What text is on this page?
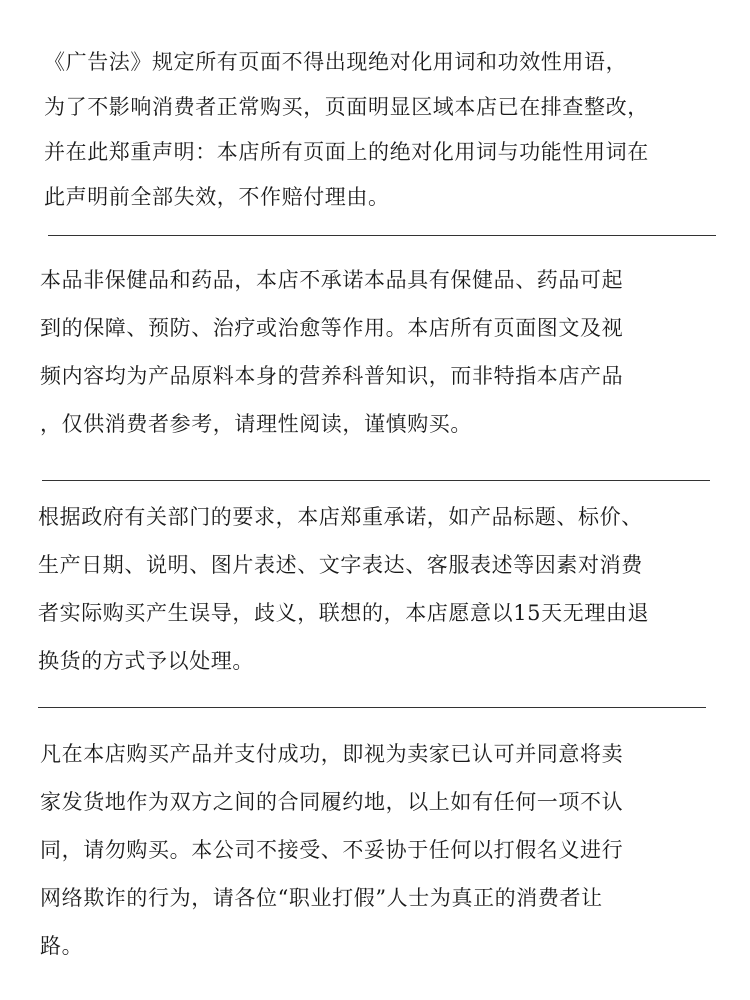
《广告法》规定所有页面不得出现绝对化用词和功效性用语，
为了不影响消费者正常购买，页面明显区域本店已在排查整改，
并在此郑重声明：本店所有页面上的绝对化用词与功能性用词在
此声明前全部失效，不作赔付理由。
本品非保健品和药品，本店不承诺本品具有保健品、药品可起
到的保障、预防、治疗或治愈等作用。本店所有页面图文及视
频内容均为产品原料本身的营养科普知识，而非特指本店产品
，仅供消费者参考，请理性阅读，谨慎购买。
根据政府有关部门的要求，本店郑重承诺，如产品标题、标价、
生产日期、说明、图片表述、文字表达、客服表述等因素对消费
者实际购买产生误导，歧义，联想的，本店愿意以15天无理由退
换货的方式予以处理。
凡在本店购买产品并支付成功，即视为卖家已认可并同意将卖
家发货地作为双方之间的合同履约地，以上如有任何一项不认
同，请勿购买。本公司不接受、不妥协于任何以打假名义进行
网络欺诈的行为，请各位“职业打假”人士为真正的消费者让
路。
